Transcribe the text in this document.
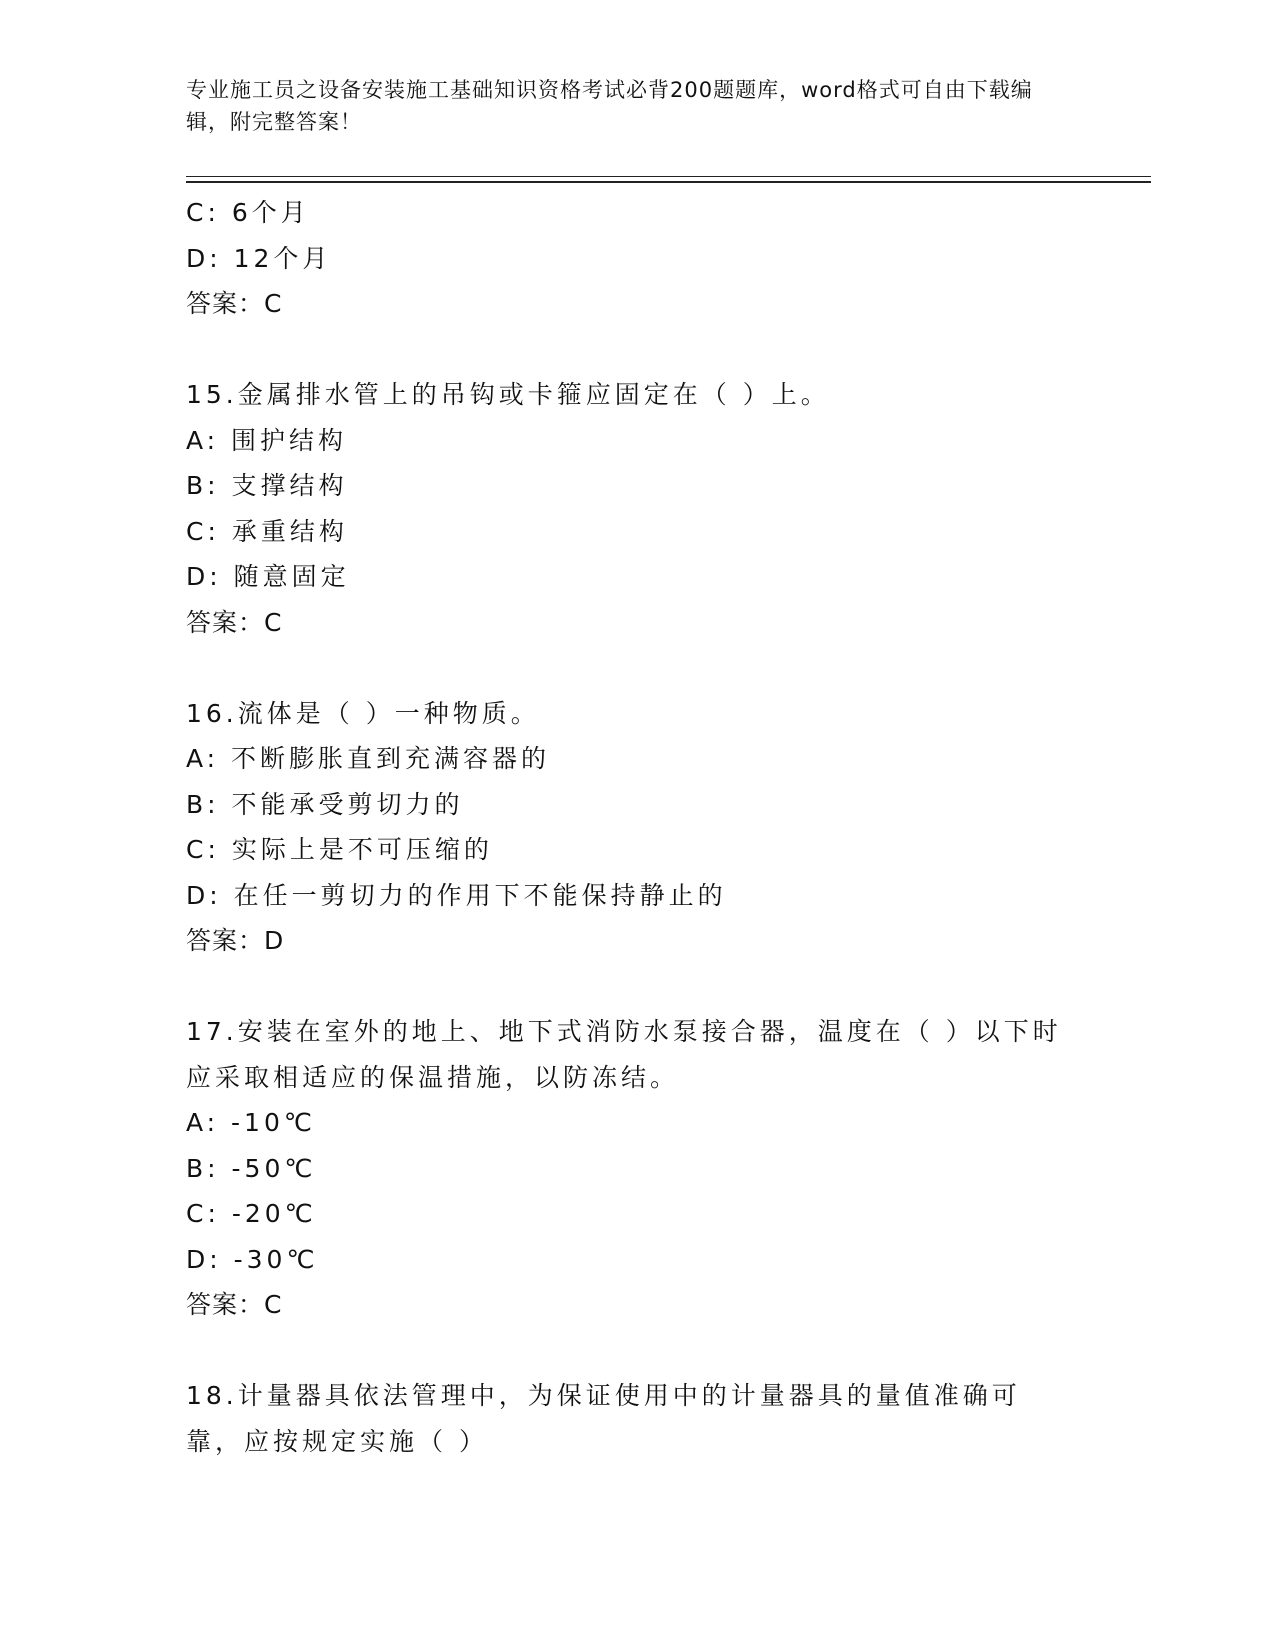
专业施工员之设备安装施工基础知识资格考试必背200题题库，word格式可自由下载编辑，附完整答案！
C: 6个月
D: 12个月
答案：C
15.金属排水管上的吊钩或卡箍应固定在（ ）上。
A: 围护结构
B: 支撑结构
C: 承重结构
D: 随意固定
答案：C
16.流体是（ ）一种物质。
A: 不断膨胀直到充满容器的
B: 不能承受剪切力的
C: 实际上是不可压缩的
D: 在任一剪切力的作用下不能保持静止的
答案：D
17.安装在室外的地上、地下式消防水泵接合器，温度在（ ）以下时应采取相适应的保温措施，以防冻结。
A: -10℃
B: -50℃
C: -20℃
D: -30℃
答案：C
18.计量器具依法管理中，为保证使用中的计量器具的量值准确可靠，应按规定实施（ ）
